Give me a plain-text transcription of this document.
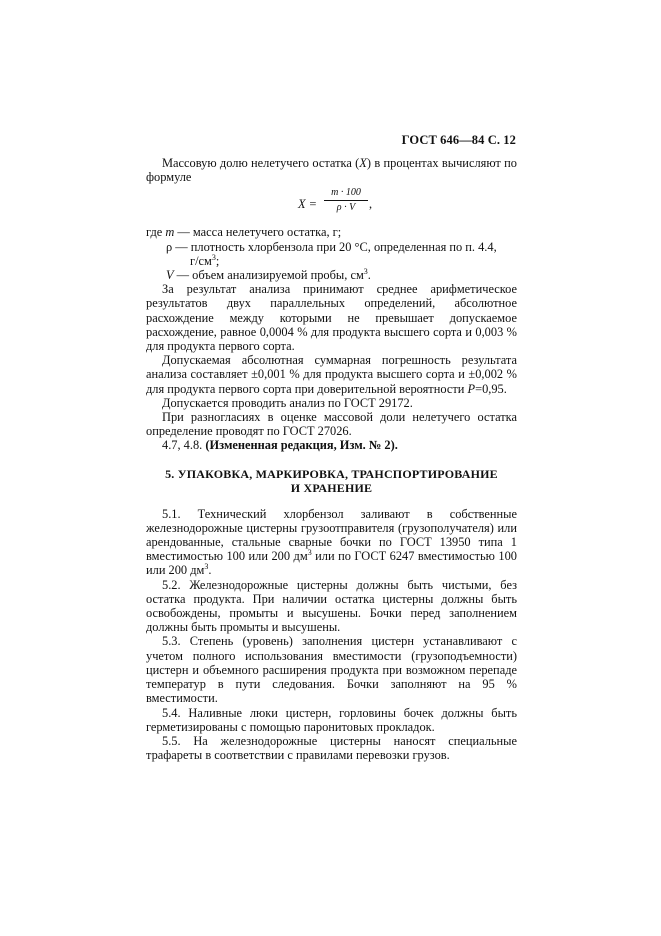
ГОСТ 646—84 С. 12

Массовую долю нелетучего остатка (X) в процентах вычисляют по формуле

$X = \frac{m \cdot 100}{\rho \cdot V}$ ,

где m — масса нелетучего остатка, г;

ρ — плотность хлорбензола при 20 °С, определенная по п. 4.4,

$г/см^3$;

V — объем анализируемой пробы, $см^3$.

За результат анализа принимают среднее арифметическое результатов двух параллельных определений, абсолютное расхождение между которыми не превышает допускаемое расхождение, равное 0,0004 % для продукта высшего сорта и 0,003 % для продукта первого сорта.

Допускаемая абсолютная суммарная погрешность результата анализа составляет ±0,001 % для продукта высшего сорта и ±0,002 % для продукта первого сорта при доверительной вероятности P=0,95.

Допускается проводить анализ по ГОСТ 29172.

При разногласиях в оценке массовой доли нелетучего остатка определение проводят по ГОСТ 27026.

4.7, 4.8. (Измененная редакция, Изм. № 2).

5. УПАКОВКА, МАРКИРОВКА, ТРАНСПОРТИРОВАНИЕ
И ХРАНЕНИЕ

5.1. Технический хлорбензол заливают в собственные железнодорожные цистерны грузоотправителя (грузополучателя) или арендованные, стальные сварные бочки по ГОСТ 13950 типа 1 вместимостью 100 или 200 $дм^3$ или по ГОСТ 6247 вместимостью 100 или 200 $дм^3$.

5.2. Железнодорожные цистерны должны быть чистыми, без остатка продукта. При наличии остатка цистерны должны быть освобождены, промыты и высушены. Бочки перед заполнением должны быть промыты и высушены.

5.3. Степень (уровень) заполнения цистерн устанавливают с учетом полного использования вместимости (грузоподъемности) цистерн и объемного расширения продукта при возможном перепаде температур в пути следования. Бочки заполняют на 95 % вместимости.

5.4. Наливные люки цистерн, горловины бочек должны быть герметизированы с помощью паронитовых прокладок.

5.5. На железнодорожные цистерны наносят специальные трафареты в соответствии с правилами перевозки грузов.
